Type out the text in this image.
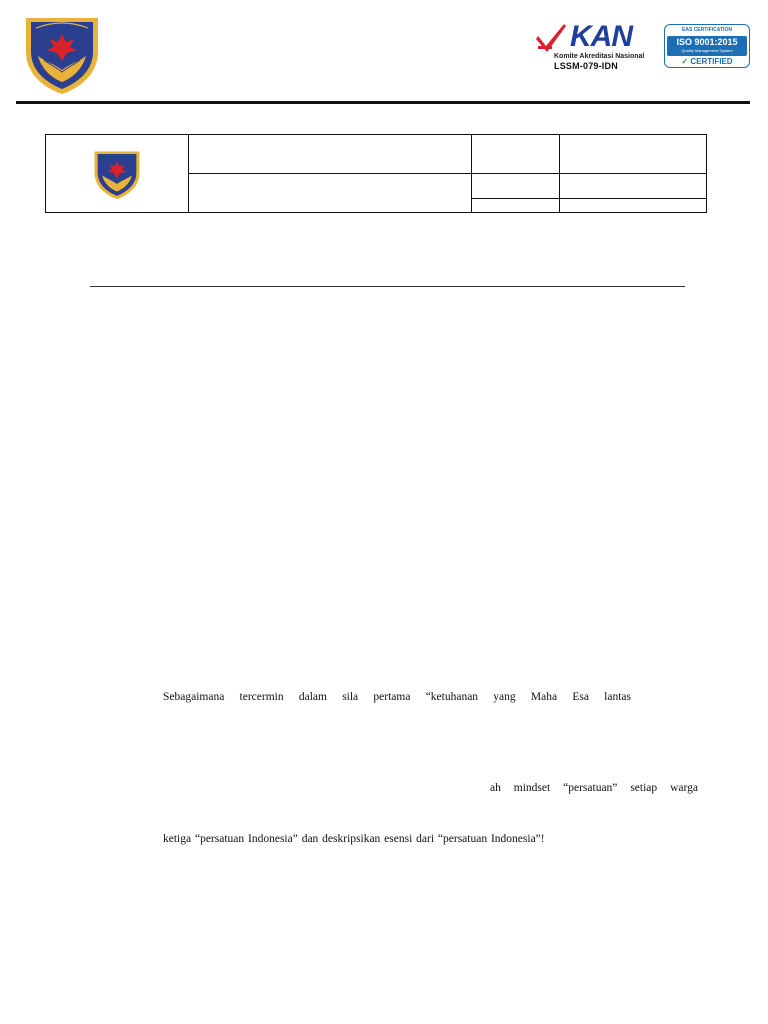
KAN
Komite Akreditasi Nasional
LSSM-079-IDN
EAS CERTIFICATION
ISO 9001:2015
Quality Management System
✓ CERTIFIED

Sebagaimana tercermin dalam sila pertama “ketuhanan yang Maha Esa lantas
ah mindset “persatuan” setiap warga
ketiga “persatuan Indonesia” dan deskripsikan esensi dari “persatuan Indonesia”!
